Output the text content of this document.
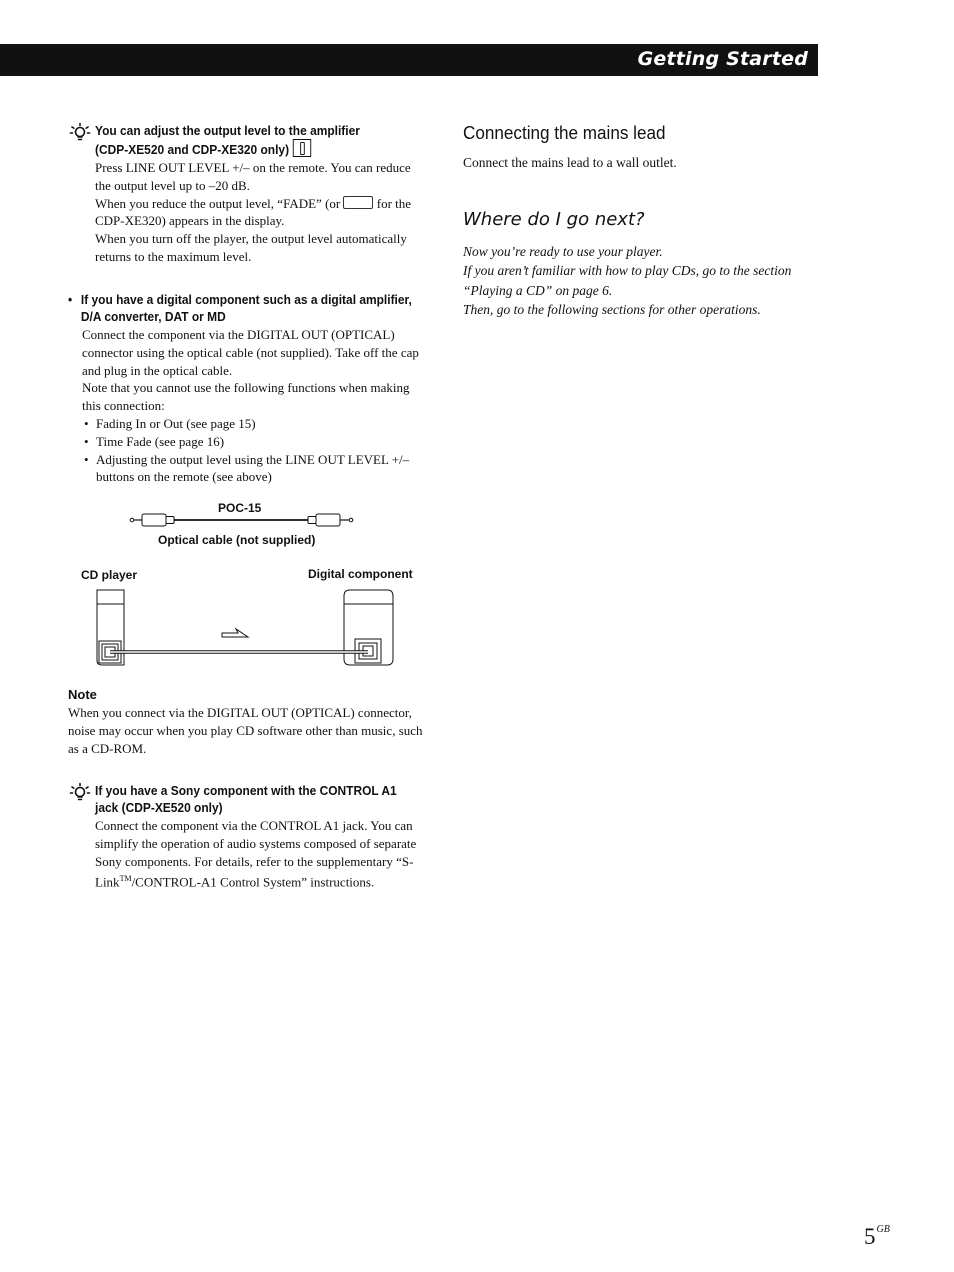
Getting Started
You can adjust the output level to the amplifier
(CDP-XE520 and CDP-XE320 only)
Press LINE OUT LEVEL +/– on the remote. You can reduce the output level up to –20 dB.
When you reduce the output level, “FADE” (or  for the CDP-XE320) appears in the display.
When you turn off the player, the output level automatically returns to the maximum level.
• If you have a digital component such as a digital amplifier, D/A converter, DAT or MD
Connect the component via the DIGITAL OUT (OPTICAL) connector using the optical cable (not supplied). Take off the cap and plug in the optical cable.
Note that you cannot use the following functions when making this connection:
• Fading In or Out (see page 15)
• Time Fade (see page 16)
• Adjusting the output level using the LINE OUT LEVEL +/– buttons on the remote (see above)
POC-15
Optical cable (not supplied)
CD player	Digital component
Note
When you connect via the DIGITAL OUT (OPTICAL) connector, noise may occur when you play CD software other than music, such as a CD-ROM.
If you have a Sony component with the CONTROL A1
jack (CDP-XE520 only)
Connect the component via the CONTROL A1 jack. You can simplify the operation of audio systems composed of separate Sony components. For details, refer to the supplementary “S-Link™/CONTROL-A1 Control System” instructions.
Connecting the mains lead
Connect the mains lead to a wall outlet.
Where do I go next?
Now you’re ready to use your player.
If you aren’t familiar with how to play CDs, go to the section “Playing a CD” on page 6.
Then, go to the following sections for other operations.
$5^{GB}$
